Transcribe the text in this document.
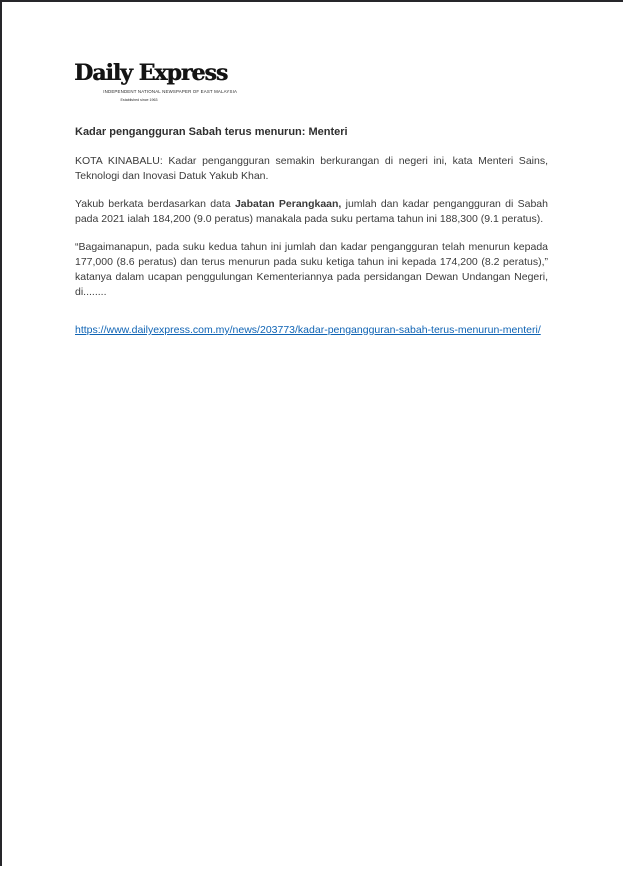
Daily Express
INDEPENDENT NATIONAL NEWSPAPER OF EAST MALAYSIA
Established since 1963
Kadar pengangguran Sabah terus menurun: Menteri

KOTA KINABALU: Kadar pengangguran semakin berkurangan di negeri ini, kata Menteri Sains, Teknologi dan Inovasi Datuk Yakub Khan.

Yakub berkata berdasarkan data Jabatan Perangkaan, jumlah dan kadar pengangguran di Sabah pada 2021 ialah 184,200 (9.0 peratus) manakala pada suku pertama tahun ini 188,300 (9.1 peratus).

“Bagaimanapun, pada suku kedua tahun ini jumlah dan kadar pengangguran telah menurun kepada 177,000 (8.6 peratus) dan terus menurun pada suku ketiga tahun ini kepada 174,200 (8.2 peratus),” katanya dalam ucapan penggulungan Kementeriannya pada persidangan Dewan Undangan Negeri, di........

https://www.dailyexpress.com.my/news/203773/kadar-pengangguran-sabah-terus-menurun-menteri/
